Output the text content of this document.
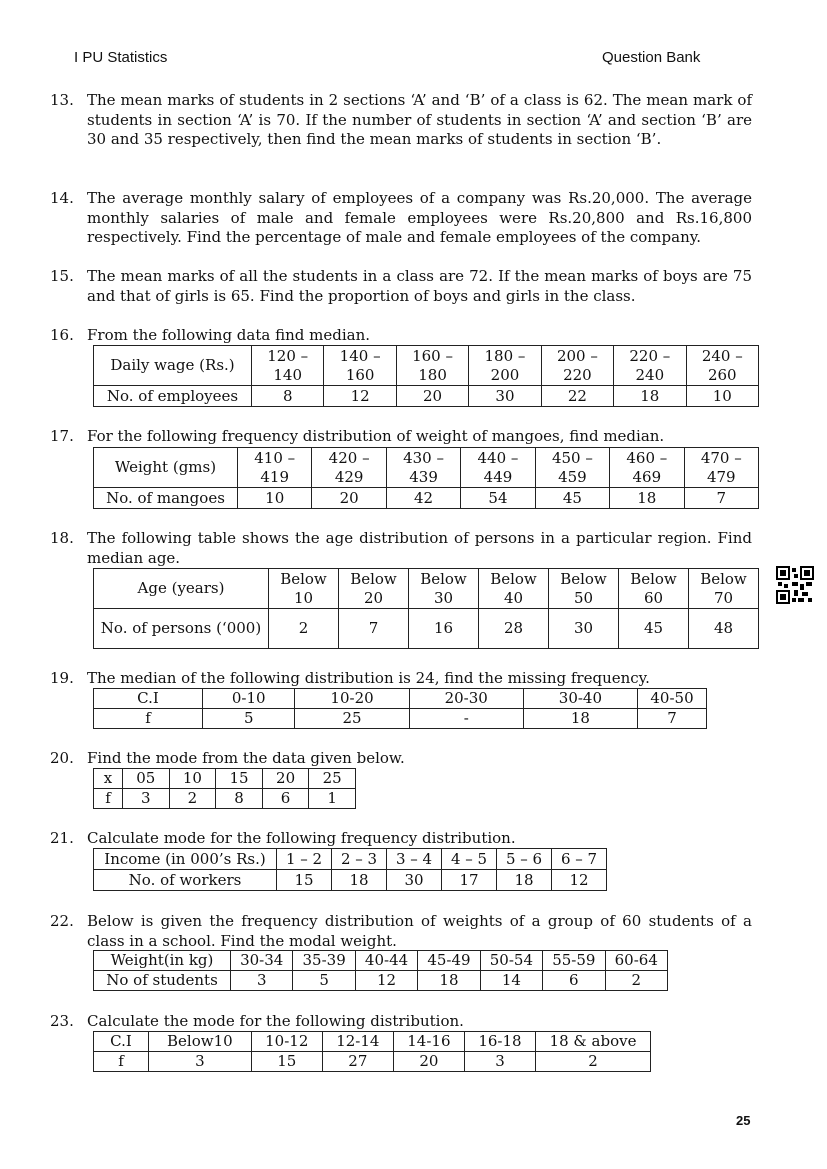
I PU Statistics	Question Bank
13. The mean marks of students in 2 sections ‘A’ and ‘B’ of a class is 62. The mean mark of students in section ‘A’ is 70. If the number of students in section ‘A’ and section ‘B’ are 30 and 35 respectively, then find the mean marks of students in section ‘B’.
14. The average monthly salary of employees of a company was Rs.20,000. The average monthly salaries of male and female employees were Rs.20,800 and Rs.16,800 respectively. Find the percentage of male and female employees of the company.
15. The mean marks of all the students in a class are 72. If the mean marks of boys are 75 and that of girls is 65. Find the proportion of boys and girls in the class.
16. From the following data find median.
Daily wage (Rs.)	120 – 140	140 – 160	160 – 180	180 – 200	200 – 220	220 – 240	240 – 260
No. of employees	8	12	20	30	22	18	10
17. For the following frequency distribution of weight of mangoes, find median.
Weight (gms)	410 – 419	420 – 429	430 – 439	440 – 449	450 – 459	460 – 469	470 – 479
No. of mangoes	10	20	42	54	45	18	7
18. The following table shows the age distribution of persons in a particular region. Find median age.
Age (years)	Below 10	Below 20	Below 30	Below 40	Below 50	Below 60	Below 70
No. of persons (‘000)	2	7	16	28	30	45	48
19. The median of the following distribution is 24, find the missing frequency.
C.I	0-10	10-20	20-30	30-40	40-50
f	5	25	-	18	7
20. Find the mode from the data given below.
x	05	10	15	20	25
f	3	2	8	6	1
21. Calculate mode for the following frequency distribution.
Income (in 000’s Rs.)	1 – 2	2 – 3	3 – 4	4 – 5	5 – 6	6 – 7
No. of workers	15	18	30	17	18	12
22. Below is given the frequency distribution of weights of a group of 60 students of a class in a school. Find the modal weight.
Weight(in kg)	30-34	35-39	40-44	45-49	50-54	55-59	60-64
No of students	3	5	12	18	14	6	2
23. Calculate the mode for the following distribution.
C.I	Below10	10-12	12-14	14-16	16-18	18 & above
f	3	15	27	20	3	2
25
